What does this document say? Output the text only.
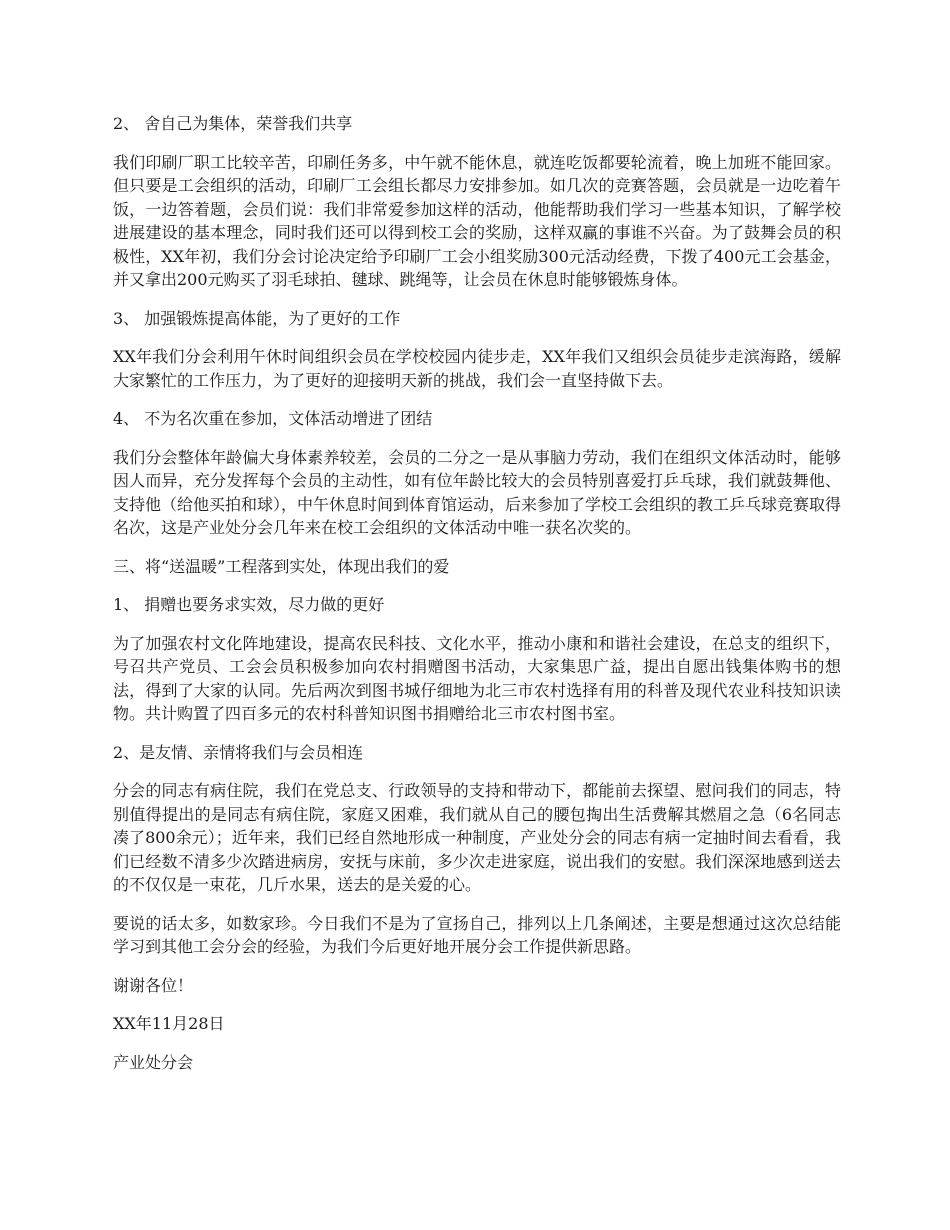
2、 舍自己为集体，荣誉我们共享

我们印刷厂职工比较辛苦，印刷任务多，中午就不能休息，就连吃饭都要轮流着，晚上加班不能回家。但只要是工会组织的活动，印刷厂工会组长都尽力安排参加。如几次的竞赛答题，会员就是一边吃着午饭，一边答着题，会员们说：我们非常爱参加这样的活动，他能帮助我们学习一些基本知识，了解学校进展建设的基本理念，同时我们还可以得到校工会的奖励，这样双赢的事谁不兴奋。为了鼓舞会员的积极性，XX年初，我们分会讨论决定给予印刷厂工会小组奖励300元活动经费，下拨了400元工会基金，并又拿出200元购买了羽毛球拍、毽球、跳绳等，让会员在休息时能够锻炼身体。

3、 加强锻炼提高体能，为了更好的工作

XX年我们分会利用午休时间组织会员在学校校园内徒步走，XX年我们又组织会员徒步走滨海路，缓解大家繁忙的工作压力，为了更好的迎接明天新的挑战，我们会一直坚持做下去。

4、 不为名次重在参加，文体活动增进了团结

我们分会整体年龄偏大身体素养较差，会员的二分之一是从事脑力劳动，我们在组织文体活动时，能够因人而异，充分发挥每个会员的主动性，如有位年龄比较大的会员特别喜爱打乒乓球，我们就鼓舞他、支持他（给他买拍和球），中午休息时间到体育馆运动，后来参加了学校工会组织的教工乒乓球竞赛取得名次，这是产业处分会几年来在校工会组织的文体活动中唯一获名次奖的。

三、将“送温暖”工程落到实处，体现出我们的爱

1、 捐赠也要务求实效，尽力做的更好

为了加强农村文化阵地建设，提高农民科技、文化水平，推动小康和和谐社会建设，在总支的组织下，号召共产党员、工会会员积极参加向农村捐赠图书活动，大家集思广益，提出自愿出钱集体购书的想法，得到了大家的认同。先后两次到图书城仔细地为北三市农村选择有用的科普及现代农业科技知识读物。共计购置了四百多元的农村科普知识图书捐赠给北三市农村图书室。

2、是友情、亲情将我们与会员相连

分会的同志有病住院，我们在党总支、行政领导的支持和带动下，都能前去探望、慰问我们的同志，特别值得提出的是同志有病住院，家庭又困难，我们就从自己的腰包掏出生活费解其燃眉之急（6名同志凑了800余元）；近年来，我们已经自然地形成一种制度，产业处分会的同志有病一定抽时间去看看，我们已经数不清多少次踏进病房，安抚与床前，多少次走进家庭，说出我们的安慰。我们深深地感到送去的不仅仅是一束花，几斤水果，送去的是关爱的心。

要说的话太多，如数家珍。今日我们不是为了宣扬自己，排列以上几条阐述，主要是想通过这次总结能学习到其他工会分会的经验，为我们今后更好地开展分会工作提供新思路。

谢谢各位！

XX年11月28日

产业处分会
